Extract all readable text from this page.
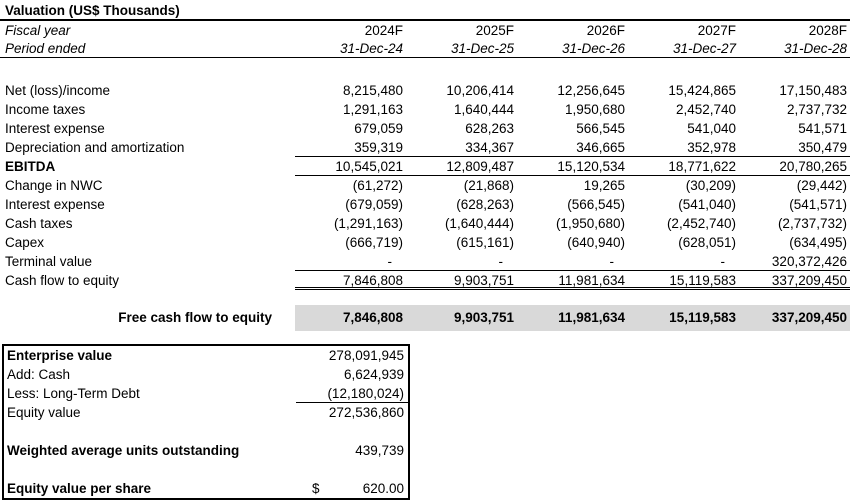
Valuation (US$ Thousands)
Fiscal year	2024F	2025F	2026F	2027F	2028F
Period ended	31-Dec-24	31-Dec-25	31-Dec-26	31-Dec-27	31-Dec-28
Net (loss)/income	8,215,480	10,206,414	12,256,645	15,424,865	17,150,483
Income taxes	1,291,163	1,640,444	1,950,680	2,452,740	2,737,732
Interest expense	679,059	628,263	566,545	541,040	541,571
Depreciation and amortization	359,319	334,367	346,665	352,978	350,479
EBITDA	10,545,021	12,809,487	15,120,534	18,771,622	20,780,265
Change in NWC	(61,272)	(21,868)	19,265	(30,209)	(29,442)
Interest expense	(679,059)	(628,263)	(566,545)	(541,040)	(541,571)
Cash taxes	(1,291,163)	(1,640,444)	(1,950,680)	(2,452,740)	(2,737,732)
Capex	(666,719)	(615,161)	(640,940)	(628,051)	(634,495)
Terminal value	-	-	-	-	320,372,426
Cash flow to equity	7,846,808	9,903,751	11,981,634	15,119,583	337,209,450
Free cash flow to equity	7,846,808	9,903,751	11,981,634	15,119,583	337,209,450
Enterprise value	278,091,945
Add: Cash	6,624,939
Less: Long-Term Debt	(12,180,024)
Equity value	272,536,860
Weighted average units outstanding	439,739
Equity value per share	$	620.00
